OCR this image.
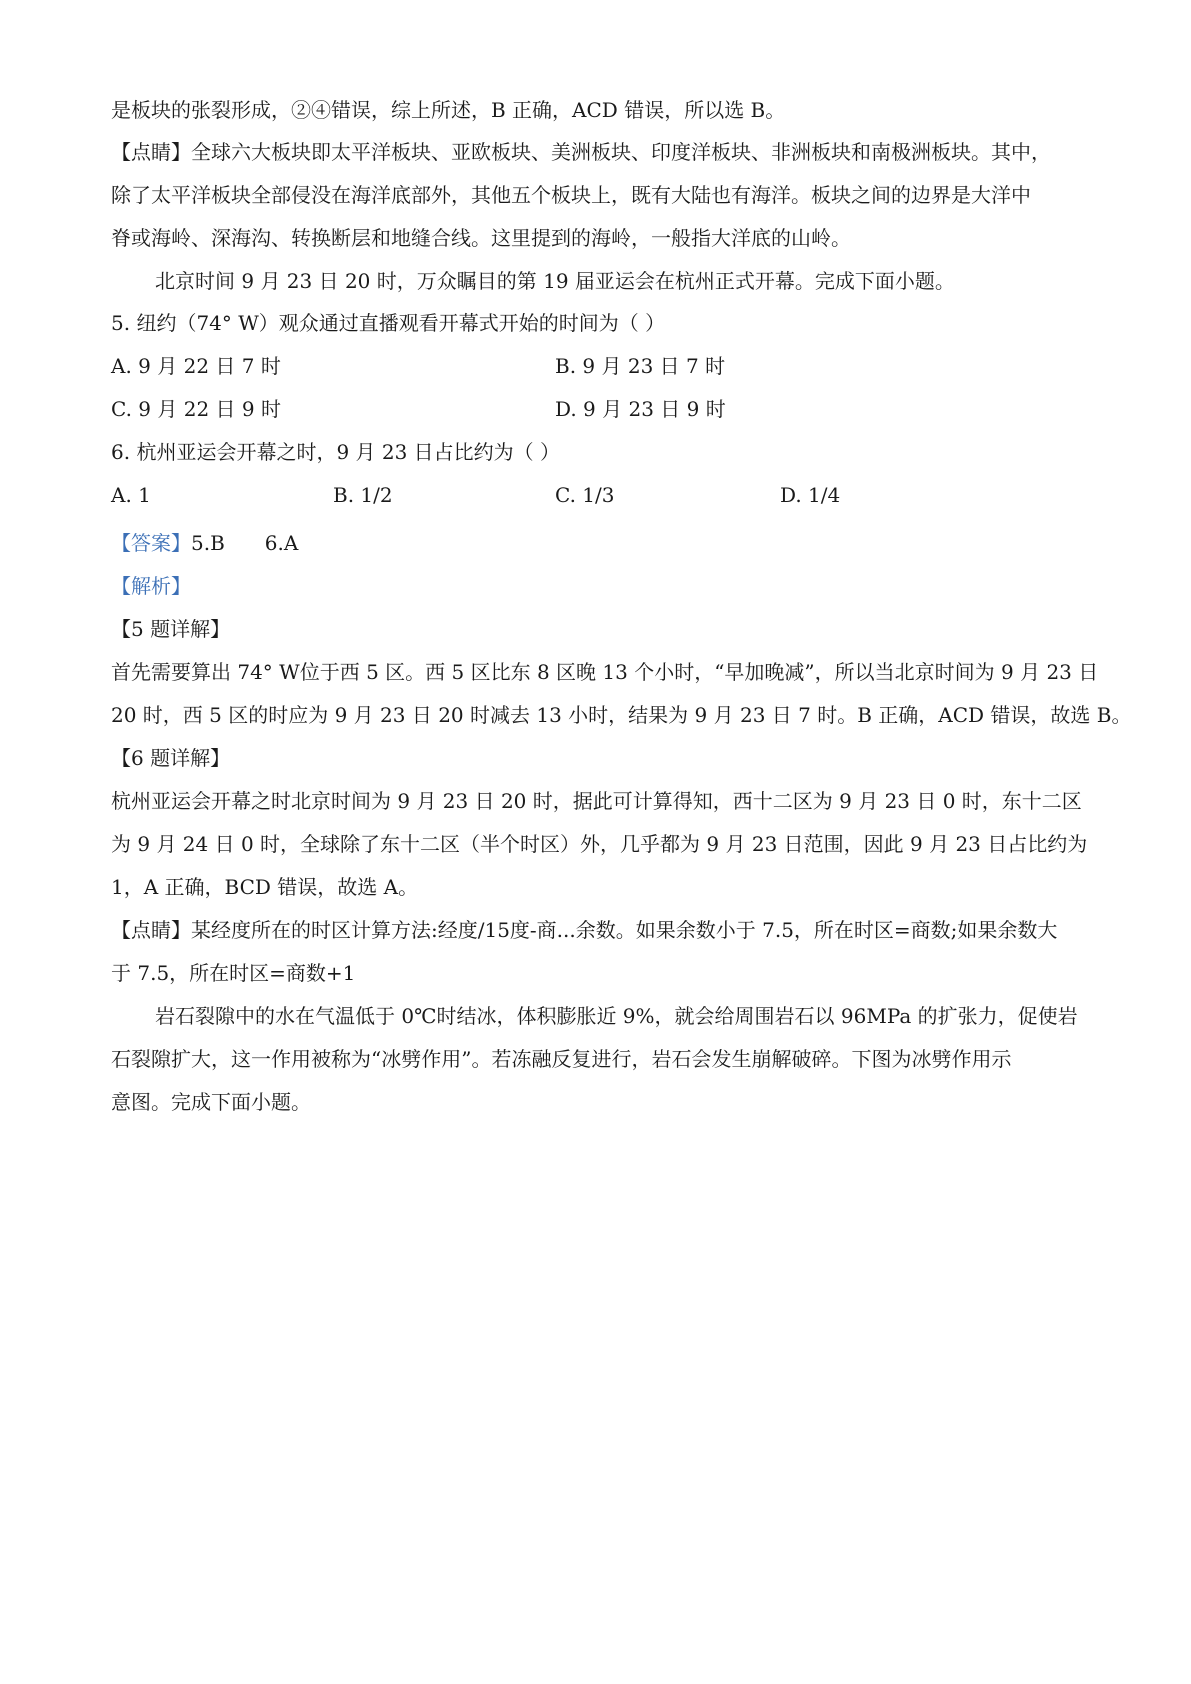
是板块的张裂形成，②④错误，综上所述，B 正确，ACD 错误，所以选 B。
【点睛】全球六大板块即太平洋板块、亚欧板块、美洲板块、印度洋板块、非洲板块和南极洲板块。其中，
除了太平洋板块全部侵没在海洋底部外，其他五个板块上，既有大陆也有海洋。板块之间的边界是大洋中
脊或海岭、深海沟、转换断层和地缝合线。这里提到的海岭，一般指大洋底的山岭。
北京时间 9 月 23 日 20 时，万众瞩目的第 19 届亚运会在杭州正式开幕。完成下面小题。
5. 纽约（74° W）观众通过直播观看开幕式开始的时间为（ ）
A. 9 月 22 日 7 时	B. 9 月 23 日 7 时
C. 9 月 22 日 9 时	D. 9 月 23 日 9 时
6. 杭州亚运会开幕之时，9 月 23 日占比约为（ ）
A. 1	B. 1/2	C. 1/3	D. 1/4
【答案】5.B 6.A
【解析】
【5 题详解】
首先需要算出 74° W位于西 5 区。西 5 区比东 8 区晚 13 个小时，“早加晚减”，所以当北京时间为 9 月 23 日
20 时，西 5 区的时应为 9 月 23 日 20 时减去 13 小时，结果为 9 月 23 日 7 时。B 正确，ACD 错误，故选 B。
【6 题详解】
杭州亚运会开幕之时北京时间为 9 月 23 日 20 时，据此可计算得知，西十二区为 9 月 23 日 0 时，东十二区
为 9 月 24 日 0 时，全球除了东十二区（半个时区）外，几乎都为 9 月 23 日范围，因此 9 月 23 日占比约为
1，A 正确，BCD 错误，故选 A。
【点睛】某经度所在的时区计算方法:经度/15度-商...余数。如果余数小于 7.5，所在时区=商数;如果余数大
于 7.5，所在时区=商数+1
岩石裂隙中的水在气温低于 0℃时结冰，体积膨胀近 9%，就会给周围岩石以 96MPa 的扩张力，促使岩
石裂隙扩大，这一作用被称为“冰劈作用”。若冻融反复进行，岩石会发生崩解破碎。下图为冰劈作用示
意图。完成下面小题。
